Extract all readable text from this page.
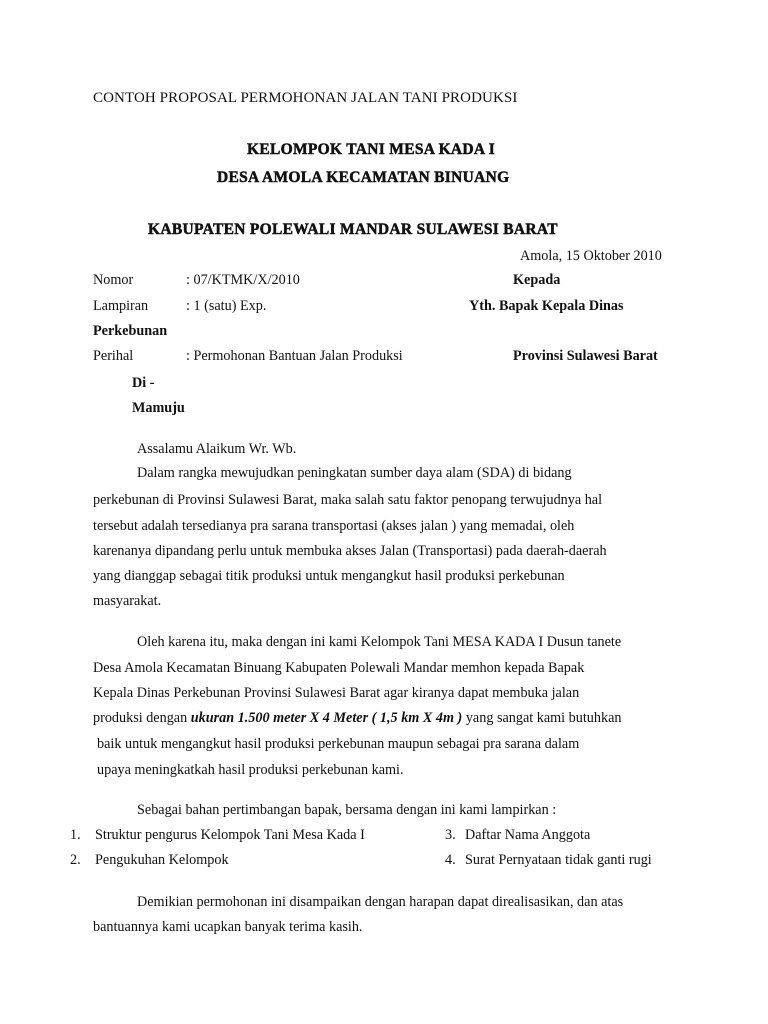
CONTOH PROPOSAL PERMOHONAN JALAN TANI PRODUKSI
KELOMPOK TANI MESA KADA I
DESA AMOLA KECAMATAN BINUANG
KABUPATEN POLEWALI MANDAR SULAWESI BARAT
Amola, 15 Oktober 2010
Nomor	: 07/KTMK/X/2010	Kepada
Lampiran	: 1 (satu) Exp.	Yth. Bapak Kepala Dinas
Perkebunan
Perihal	: Permohonan Bantuan Jalan Produksi	Provinsi Sulawesi Barat
Di -
Mamuju
Assalamu Alaikum Wr. Wb.
Dalam rangka mewujudkan peningkatan sumber daya alam (SDA) di bidang
perkebunan di Provinsi Sulawesi Barat, maka salah satu faktor penopang terwujudnya hal
tersebut adalah tersedianya pra sarana transportasi (akses jalan ) yang memadai, oleh
karenanya dipandang perlu untuk membuka akses Jalan (Transportasi) pada daerah-daerah
yang dianggap sebagai titik produksi untuk mengangkut hasil produksi perkebunan
masyarakat.
Oleh karena itu, maka dengan ini kami Kelompok Tani MESA KADA I Dusun tanete
Desa Amola Kecamatan Binuang Kabupaten Polewali Mandar memhon kepada Bapak
Kepala Dinas Perkebunan Provinsi Sulawesi Barat agar kiranya dapat membuka jalan
produksi dengan ukuran 1.500 meter X 4 Meter ( 1,5 km X 4m ) yang sangat kami butuhkan
baik untuk mengangkut hasil produksi perkebunan maupun sebagai pra sarana dalam
upaya meningkatkah hasil produksi perkebunan kami.
Sebagai bahan pertimbangan bapak, bersama dengan ini kami lampirkan :
1. Struktur pengurus Kelompok Tani Mesa Kada I	3. Daftar Nama Anggota
2. Pengukuhan Kelompok	4. Surat Pernyataan tidak ganti rugi
Demikian permohonan ini disampaikan dengan harapan dapat direalisasikan, dan atas
bantuannya kami ucapkan banyak terima kasih.
